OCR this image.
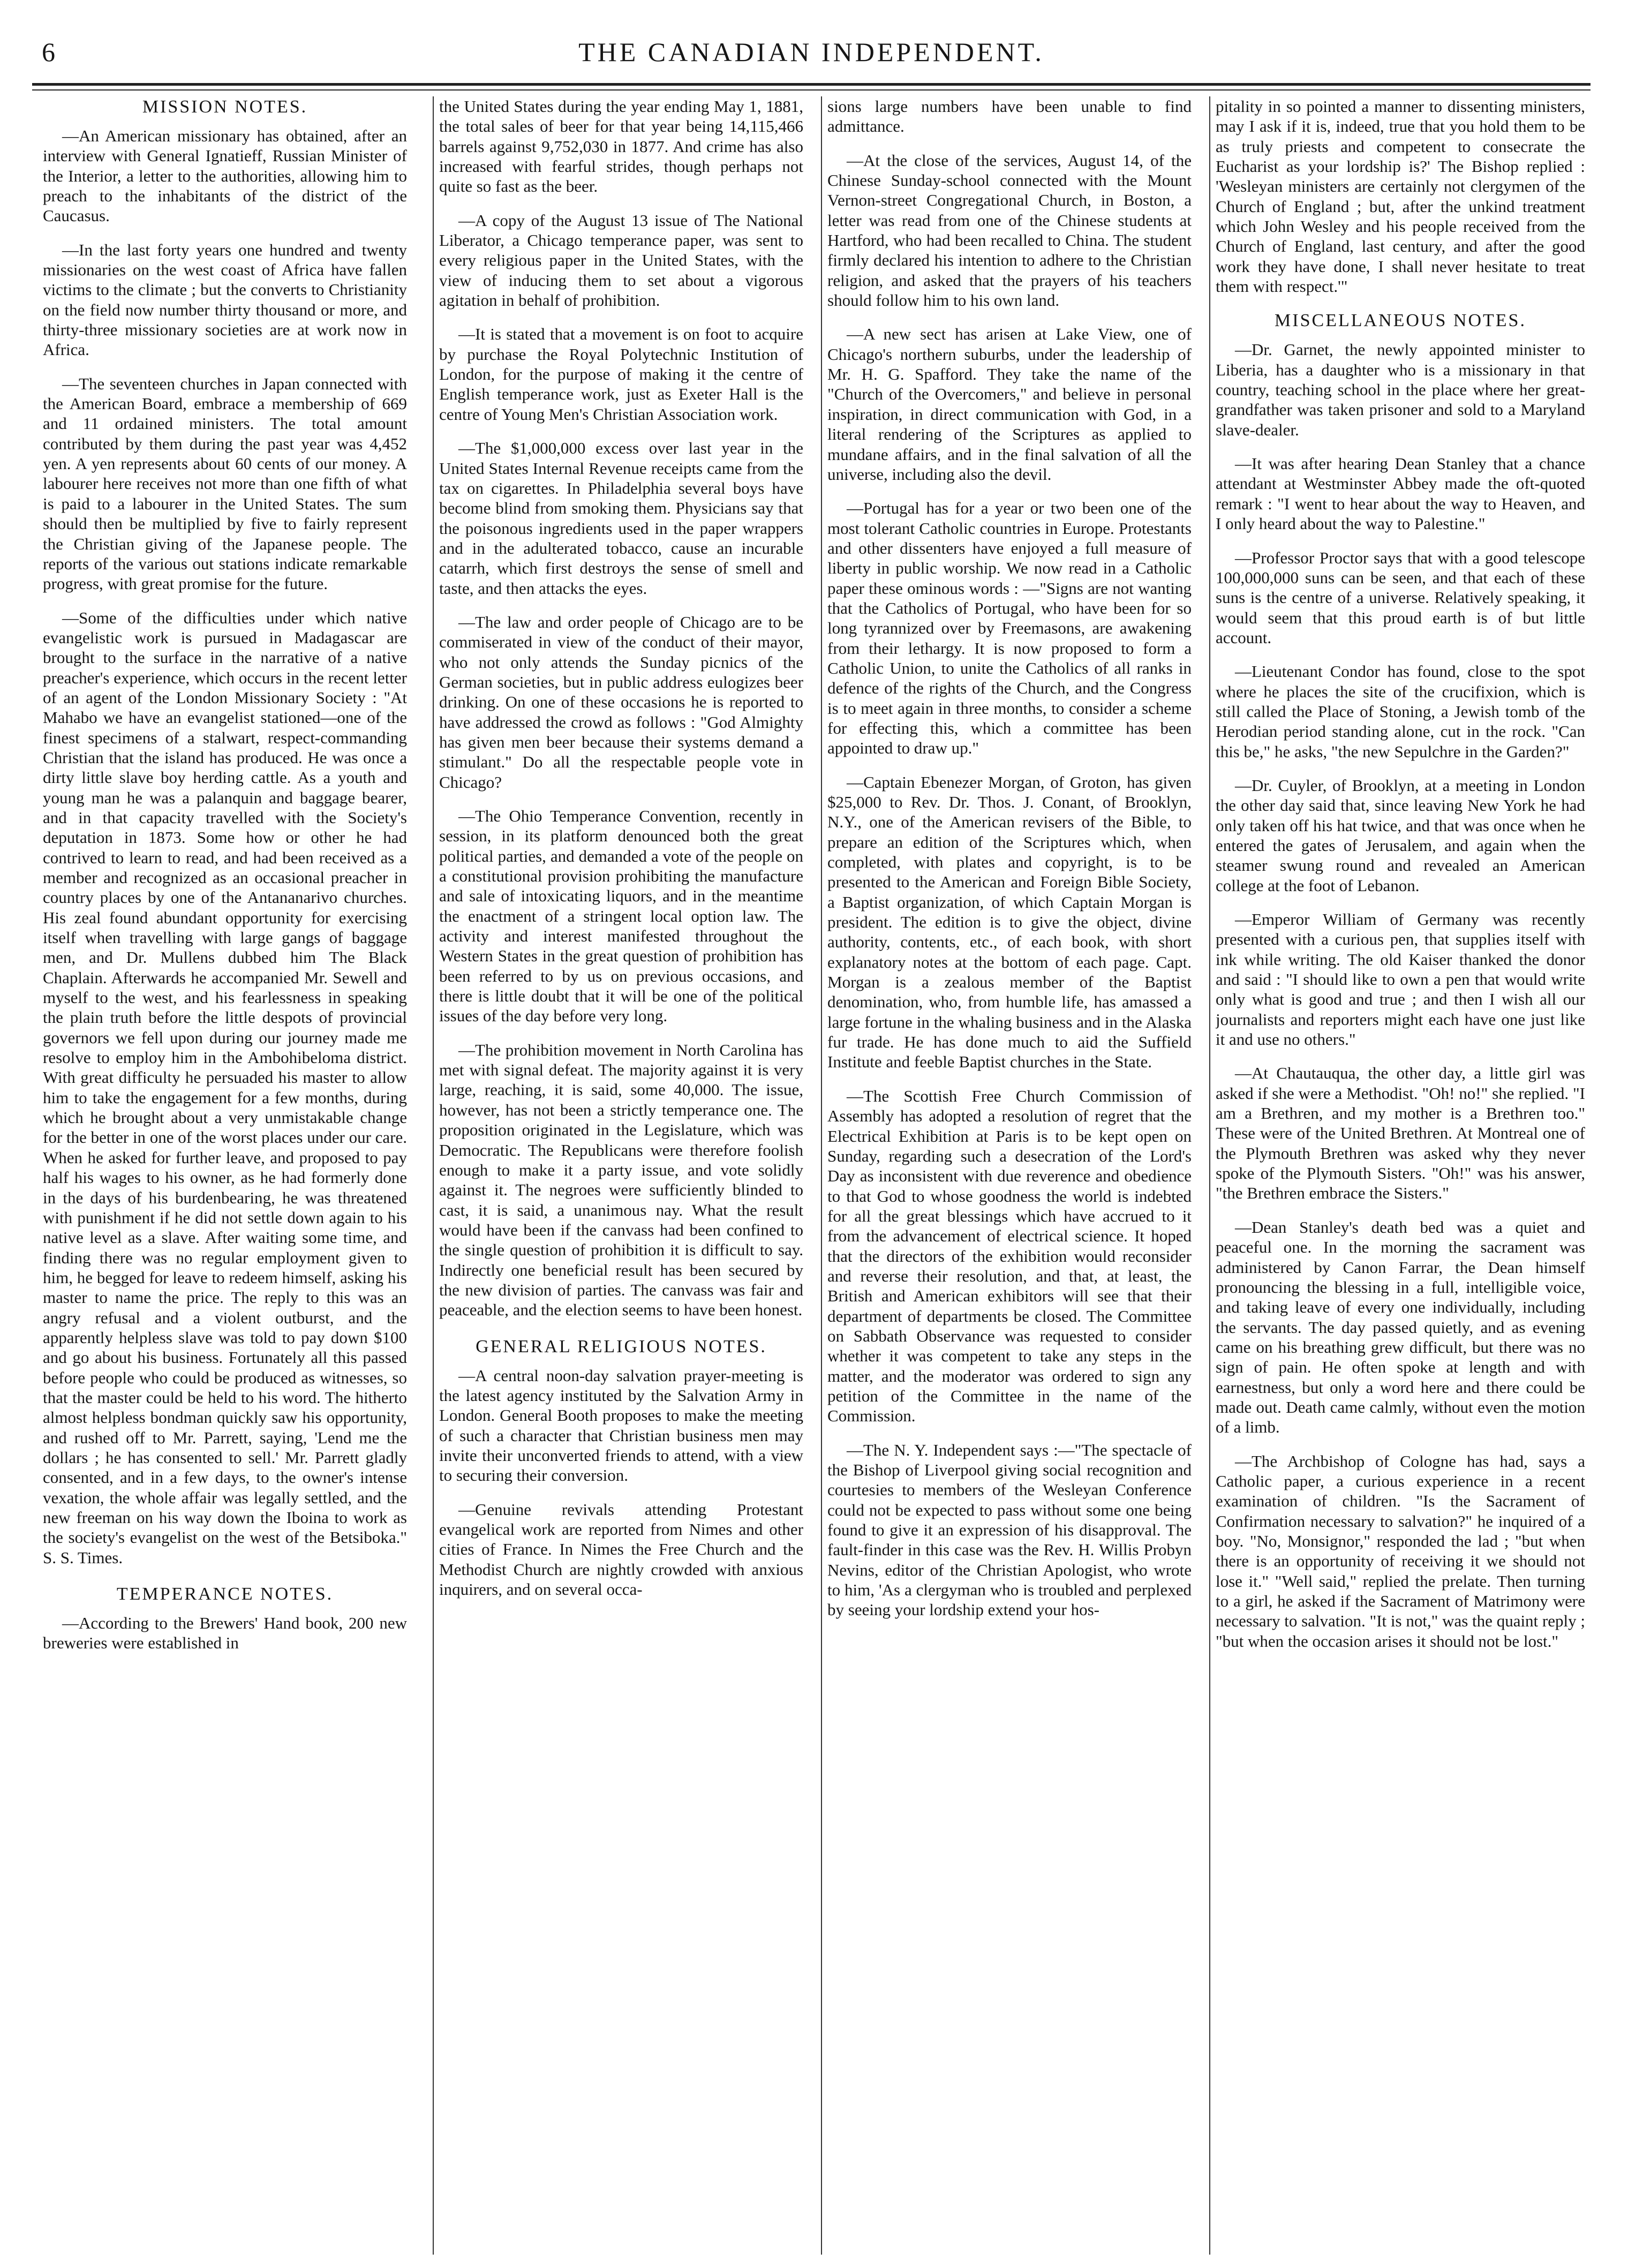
6	THE CANADIAN INDEPENDENT.
MISSION NOTES.

—An American missionary has obtained, after an interview with General Ignatieff, Russian Minister of the Interior, a letter to the authorities, allowing him to preach to the inhabitants of the district of the Caucasus.

—In the last forty years one hundred and twenty missionaries on the west coast of Africa have fallen victims to the climate ; but the converts to Christianity on the field now number thirty thousand or more, and thirty-three missionary societies are at work now in Africa.

—The seventeen churches in Japan connected with the American Board, embrace a membership of 669 and 11 ordained ministers. The total amount contributed by them during the past year was 4,452 yen. A yen represents about 60 cents of our money. A labourer here receives not more than one fifth of what is paid to a labourer in the United States. The sum should then be multiplied by five to fairly represent the Christian giving of the Japanese people. The reports of the various out stations indicate remarkable progress, with great promise for the future.

—Some of the difficulties under which native evangelistic work is pursued in Madagascar are brought to the surface in the narrative of a native preacher's experience, which occurs in the recent letter of an agent of the London Missionary Society : "At Mahabo we have an evangelist stationed—one of the finest specimens of a stalwart, respect-commanding Christian that the island has produced. He was once a dirty little slave boy herding cattle. As a youth and young man he was a palanquin and baggage bearer, and in that capacity travelled with the Society's deputation in 1873. Some how or other he had contrived to learn to read, and had been received as a member and recognized as an occasional preacher in country places by one of the Antananarivo churches. His zeal found abundant opportunity for exercising itself when travelling with large gangs of baggage men, and Dr. Mullens dubbed him The Black Chaplain. Afterwards he accompanied Mr. Sewell and myself to the west, and his fearlessness in speaking the plain truth before the little despots of provincial governors we fell upon during our journey made me resolve to employ him in the Ambohibeloma district. With great difficulty he persuaded his master to allow him to take the engagement for a few months, during which he brought about a very unmistakable change for the better in one of the worst places under our care. When he asked for further leave, and proposed to pay half his wages to his owner, as he had formerly done in the days of his burdenbearing, he was threatened with punishment if he did not settle down again to his native level as a slave. After waiting some time, and finding there was no regular employment given to him, he begged for leave to redeem himself, asking his master to name the price. The reply to this was an angry refusal and a violent outburst, and the apparently helpless slave was told to pay down $100 and go about his business. Fortunately all this passed before people who could be produced as witnesses, so that the master could be held to his word. The hitherto almost helpless bondman quickly saw his opportunity, and rushed off to Mr. Parrett, saying, 'Lend me the dollars ; he has consented to sell.' Mr. Parrett gladly consented, and in a few days, to the owner's intense vexation, the whole affair was legally settled, and the new freeman on his way down the Iboina to work as the society's evangelist on the west of the Betsiboka." S. S. Times.

TEMPERANCE NOTES.

—According to the Brewers' Hand book, 200 new breweries were established in

the United States during the year ending May 1, 1881, the total sales of beer for that year being 14,115,466 barrels against 9,752,030 in 1877. And crime has also increased with fearful strides, though perhaps not quite so fast as the beer.

—A copy of the August 13 issue of The National Liberator, a Chicago temperance paper, was sent to every religious paper in the United States, with the view of inducing them to set about a vigorous agitation in behalf of prohibition.

—It is stated that a movement is on foot to acquire by purchase the Royal Polytechnic Institution of London, for the purpose of making it the centre of English temperance work, just as Exeter Hall is the centre of Young Men's Christian Association work.

—The $1,000,000 excess over last year in the United States Internal Revenue receipts came from the tax on cigarettes. In Philadelphia several boys have become blind from smoking them. Physicians say that the poisonous ingredients used in the paper wrappers and in the adulterated tobacco, cause an incurable catarrh, which first destroys the sense of smell and taste, and then attacks the eyes.

—The law and order people of Chicago are to be commiserated in view of the conduct of their mayor, who not only attends the Sunday picnics of the German societies, but in public address eulogizes beer drinking. On one of these occasions he is reported to have addressed the crowd as follows : "God Almighty has given men beer because their systems demand a stimulant." Do all the respectable people vote in Chicago?

—The Ohio Temperance Convention, recently in session, in its platform denounced both the great political parties, and demanded a vote of the people on a constitutional provision prohibiting the manufacture and sale of intoxicating liquors, and in the meantime the enactment of a stringent local option law. The activity and interest manifested throughout the Western States in the great question of prohibition has been referred to by us on previous occasions, and there is little doubt that it will be one of the political issues of the day before very long.

—The prohibition movement in North Carolina has met with signal defeat. The majority against it is very large, reaching, it is said, some 40,000. The issue, however, has not been a strictly temperance one. The proposition originated in the Legislature, which was Democratic. The Republicans were therefore foolish enough to make it a party issue, and vote solidly against it. The negroes were sufficiently blinded to cast, it is said, a unanimous nay. What the result would have been if the canvass had been confined to the single question of prohibition it is difficult to say. Indirectly one beneficial result has been secured by the new division of parties. The canvass was fair and peaceable, and the election seems to have been honest.

GENERAL RELIGIOUS NOTES.

—A central noon-day salvation prayer-meeting is the latest agency instituted by the Salvation Army in London. General Booth proposes to make the meeting of such a character that Christian business men may invite their unconverted friends to attend, with a view to securing their conversion.

—Genuine revivals attending Protestant evangelical work are reported from Nimes and other cities of France. In Nimes the Free Church and the Methodist Church are nightly crowded with anxious inquirers, and on several occa-

sions large numbers have been unable to find admittance.

—At the close of the services, August 14, of the Chinese Sunday-school connected with the Mount Vernon-street Congregational Church, in Boston, a letter was read from one of the Chinese students at Hartford, who had been recalled to China. The student firmly declared his intention to adhere to the Christian religion, and asked that the prayers of his teachers should follow him to his own land.

—A new sect has arisen at Lake View, one of Chicago's northern suburbs, under the leadership of Mr. H. G. Spafford. They take the name of the "Church of the Overcomers," and believe in personal inspiration, in direct communication with God, in a literal rendering of the Scriptures as applied to mundane affairs, and in the final salvation of all the universe, including also the devil.

—Portugal has for a year or two been one of the most tolerant Catholic countries in Europe. Protestants and other dissenters have enjoyed a full measure of liberty in public worship. We now read in a Catholic paper these ominous words : —"Signs are not wanting that the Catholics of Portugal, who have been for so long tyrannized over by Freemasons, are awakening from their lethargy. It is now proposed to form a Catholic Union, to unite the Catholics of all ranks in defence of the rights of the Church, and the Congress is to meet again in three months, to consider a scheme for effecting this, which a committee has been appointed to draw up."

—Captain Ebenezer Morgan, of Groton, has given $25,000 to Rev. Dr. Thos. J. Conant, of Brooklyn, N.Y., one of the American revisers of the Bible, to prepare an edition of the Scriptures which, when completed, with plates and copyright, is to be presented to the American and Foreign Bible Society, a Baptist organization, of which Captain Morgan is president. The edition is to give the object, divine authority, contents, etc., of each book, with short explanatory notes at the bottom of each page. Capt. Morgan is a zealous member of the Baptist denomination, who, from humble life, has amassed a large fortune in the whaling business and in the Alaska fur trade. He has done much to aid the Suffield Institute and feeble Baptist churches in the State.

—The Scottish Free Church Commission of Assembly has adopted a resolution of regret that the Electrical Exhibition at Paris is to be kept open on Sunday, regarding such a desecration of the Lord's Day as inconsistent with due reverence and obedience to that God to whose goodness the world is indebted for all the great blessings which have accrued to it from the advancement of electrical science. It hoped that the directors of the exhibition would reconsider and reverse their resolution, and that, at least, the British and American exhibitors will see that their department of departments be closed. The Committee on Sabbath Observance was requested to consider whether it was competent to take any steps in the matter, and the moderator was ordered to sign any petition of the Committee in the name of the Commission.

—The N. Y. Independent says :—"The spectacle of the Bishop of Liverpool giving social recognition and courtesies to members of the Wesleyan Conference could not be expected to pass without some one being found to give it an expression of his disapproval. The fault-finder in this case was the Rev. H. Willis Probyn Nevins, editor of the Christian Apologist, who wrote to him, 'As a clergyman who is troubled and perplexed by seeing your lordship extend your hos-

pitality in so pointed a manner to dissenting ministers, may I ask if it is, indeed, true that you hold them to be as truly priests and competent to consecrate the Eucharist as your lordship is?' The Bishop replied : 'Wesleyan ministers are certainly not clergymen of the Church of England ; but, after the unkind treatment which John Wesley and his people received from the Church of England, last century, and after the good work they have done, I shall never hesitate to treat them with respect.'"

MISCELLANEOUS NOTES.

—Dr. Garnet, the newly appointed minister to Liberia, has a daughter who is a missionary in that country, teaching school in the place where her great-grandfather was taken prisoner and sold to a Maryland slave-dealer.

—It was after hearing Dean Stanley that a chance attendant at Westminster Abbey made the oft-quoted remark : "I went to hear about the way to Heaven, and I only heard about the way to Palestine."

—Professor Proctor says that with a good telescope 100,000,000 suns can be seen, and that each of these suns is the centre of a universe. Relatively speaking, it would seem that this proud earth is of but little account.

—Lieutenant Condor has found, close to the spot where he places the site of the crucifixion, which is still called the Place of Stoning, a Jewish tomb of the Herodian period standing alone, cut in the rock. "Can this be," he asks, "the new Sepulchre in the Garden?"

—Dr. Cuyler, of Brooklyn, at a meeting in London the other day said that, since leaving New York he had only taken off his hat twice, and that was once when he entered the gates of Jerusalem, and again when the steamer swung round and revealed an American college at the foot of Lebanon.

—Emperor William of Germany was recently presented with a curious pen, that supplies itself with ink while writing. The old Kaiser thanked the donor and said : "I should like to own a pen that would write only what is good and true ; and then I wish all our journalists and reporters might each have one just like it and use no others."

—At Chautauqua, the other day, a little girl was asked if she were a Methodist. "Oh! no!" she replied. "I am a Brethren, and my mother is a Brethren too." These were of the United Brethren. At Montreal one of the Plymouth Brethren was asked why they never spoke of the Plymouth Sisters. "Oh!" was his answer, "the Brethren embrace the Sisters."

—Dean Stanley's death bed was a quiet and peaceful one. In the morning the sacrament was administered by Canon Farrar, the Dean himself pronouncing the blessing in a full, intelligible voice, and taking leave of every one individually, including the servants. The day passed quietly, and as evening came on his breathing grew difficult, but there was no sign of pain. He often spoke at length and with earnestness, but only a word here and there could be made out. Death came calmly, without even the motion of a limb.

—The Archbishop of Cologne has had, says a Catholic paper, a curious experience in a recent examination of children. "Is the Sacrament of Confirmation necessary to salvation?" he inquired of a boy. "No, Monsignor," responded the lad ; "but when there is an opportunity of receiving it we should not lose it." "Well said," replied the prelate. Then turning to a girl, he asked if the Sacrament of Matrimony were necessary to salvation. "It is not," was the quaint reply ; "but when the occasion arises it should not be lost."
